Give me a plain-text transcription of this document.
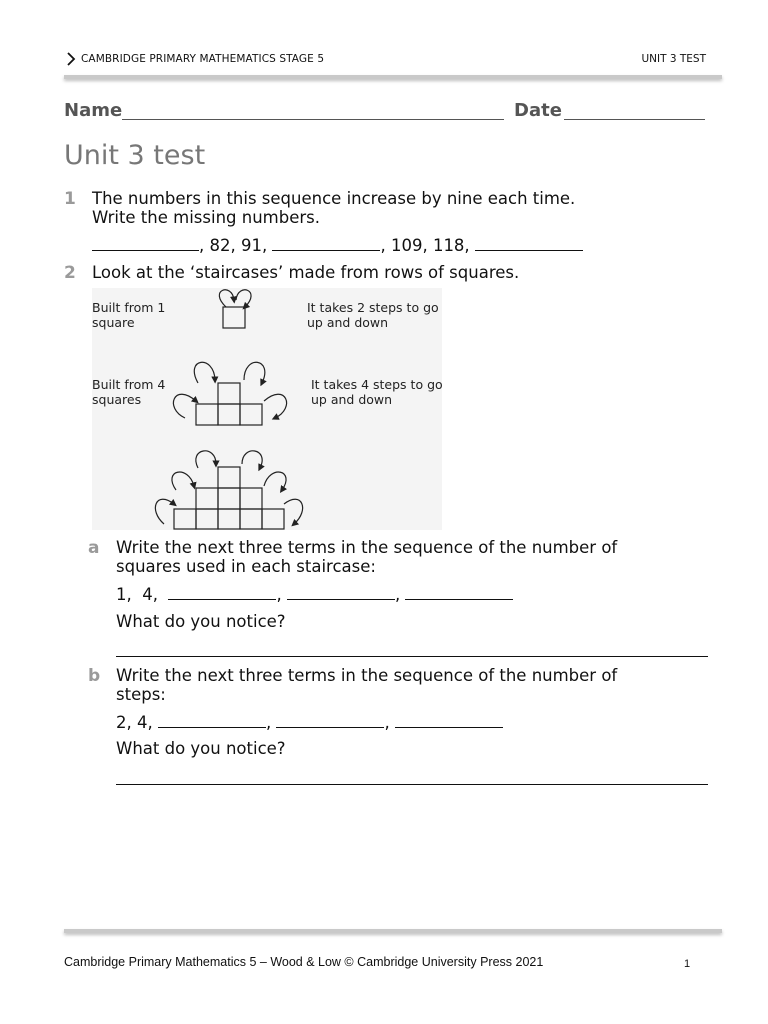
CAMBRIDGE PRIMARY MATHEMATICS STAGE 5	UNIT 3 TEST
Name	Date
Unit 3 test
1 The numbers in this sequence increase by nine each time.
Write the missing numbers.
, 82, 91,	, 109, 118,
2 Look at the ‘staircases’ made from rows of squares.
Built from 1
square
It takes 2 steps to go
up and down
Built from 4
squares
It takes 4 steps to go
up and down
a Write the next three terms in the sequence of the number of
squares used in each staircase:
1,  4,	,	,
What do you notice?
b Write the next three terms in the sequence of the number of
steps:
2, 4,	,	,
What do you notice?
Cambridge Primary Mathematics 5 – Wood & Low © Cambridge University Press 2021	1
